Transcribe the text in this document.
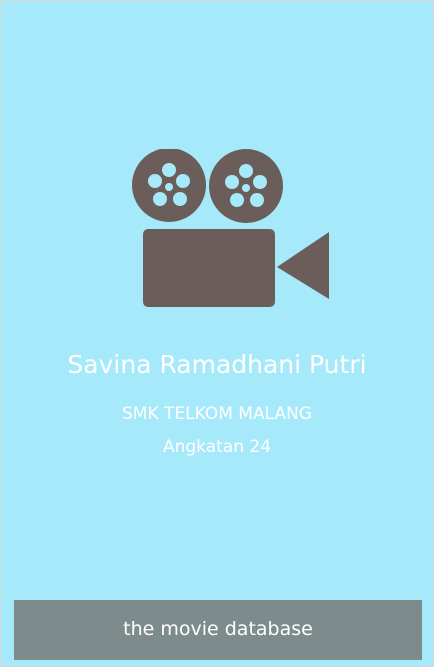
Savina Ramadhani Putri
SMK TELKOM MALANG
Angkatan 24
the movie database
